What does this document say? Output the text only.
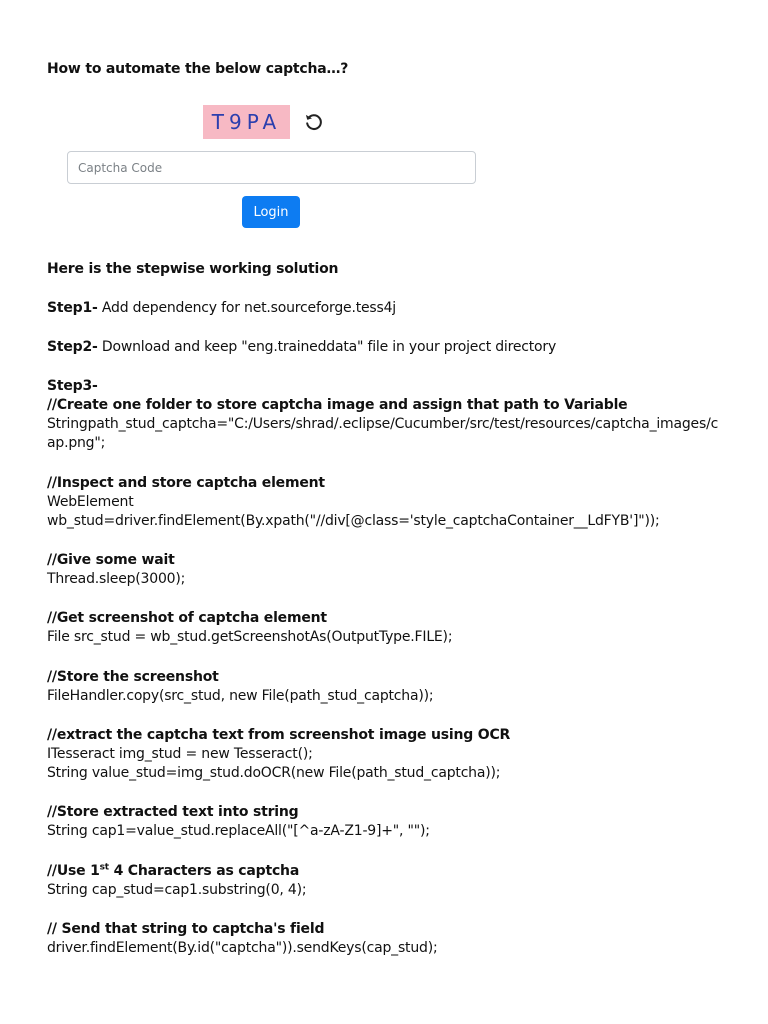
How to automate the below captcha…?
T9PA
Captcha Code
Login
Here is the stepwise working solution
Step1- Add dependency for net.sourceforge.tess4j
Step2- Download and keep "eng.traineddata" file in your project directory
Step3-
//Create one folder to store captcha image and assign that path to Variable
Stringpath_stud_captcha="C:/Users/shrad/.eclipse/Cucumber/src/test/resources/captcha_images/c
ap.png";
//Inspect and store captcha element
WebElement
wb_stud=driver.findElement(By.xpath("//div[@class='style_captchaContainer__LdFYB']"));
//Give some wait
Thread.sleep(3000);
//Get screenshot of captcha element
File src_stud = wb_stud.getScreenshotAs(OutputType.FILE);
//Store the screenshot
FileHandler.copy(src_stud, new File(path_stud_captcha));
//extract the captcha text from screenshot image using OCR
ITesseract img_stud = new Tesseract();
String value_stud=img_stud.doOCR(new File(path_stud_captcha));
//Store extracted text into string
String cap1=value_stud.replaceAll("[^a-zA-Z1-9]+", "");
//Use 1st 4 Characters as captcha
String cap_stud=cap1.substring(0, 4);
// Send that string to captcha's field
driver.findElement(By.id("captcha")).sendKeys(cap_stud);
